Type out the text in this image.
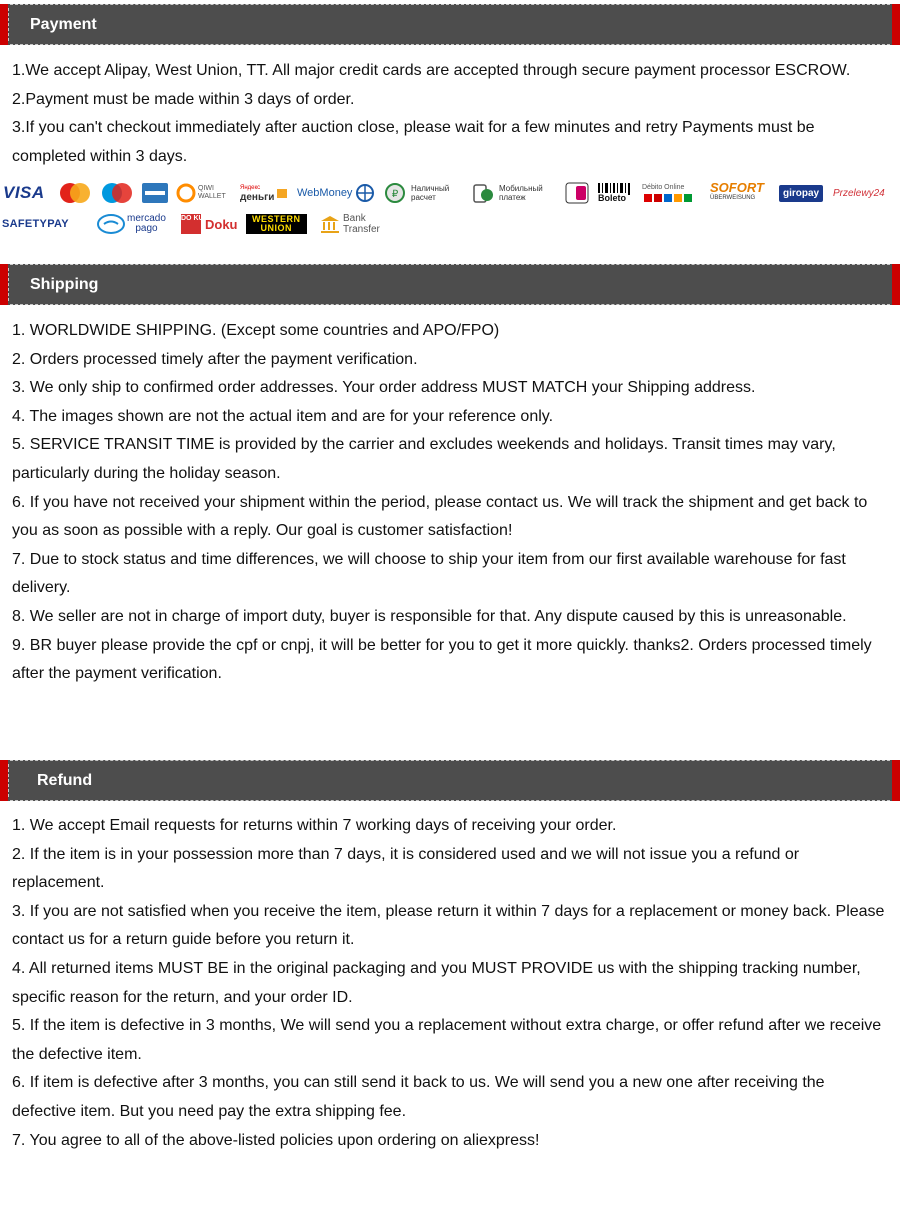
Payment

1.We accept Alipay, West Union, TT. All major credit cards are accepted through secure payment processor ESCROW.

2.Payment must be made within 3 days of order.

3.If you can't checkout immediately after auction close, please wait for a few minutes and retry Payments must be completed within 3 days.

VISA	QIWI
WALLET
Яндекс
деньги WebMoney	₽
Наличный
расчет
Мобильный
платеж	Boleto
Débito Online	SOFORT
ÜBERWEISUNG	giropay	Przelewy24
SAFETYPAY	mercado
pago
DO KU Doku WESTERN
UNION
Bank
Transfer
Shipping

1. WORLDWIDE SHIPPING. (Except some countries and APO/FPO)

2. Orders processed timely after the payment verification.

3. We only ship to confirmed order addresses. Your order address MUST MATCH your Shipping address.

4. The images shown are not the actual item and are for your reference only.

5. SERVICE TRANSIT TIME is provided by the carrier and excludes weekends and holidays. Transit times may vary, particularly during the holiday season.

6. If you have not received your shipment within the period, please contact us. We will track the shipment and get back to you as soon as possible with a reply. Our goal is customer satisfaction!

7. Due to stock status and time differences, we will choose to ship your item from our first available warehouse for fast delivery.

8. We seller are not in charge of import duty, buyer is responsible for that. Any dispute caused by this is unreasonable.

9. BR buyer please provide the cpf or cnpj, it will be better for you to get it more quickly. thanks2. Orders processed timely after the payment verification.

Refund

1. We accept Email requests for returns within 7 working days of receiving your order.

2. If the item is in your possession more than 7 days, it is considered used and we will not issue you a refund or replacement.

3. If you are not satisfied when you receive the item, please return it within 7 days for a replacement or money back. Please contact us for a return guide before you return it.

4. All returned items MUST BE in the original packaging and you MUST PROVIDE us with the shipping tracking number, specific reason for the return, and your order ID.

5. If the item is defective in 3 months, We will send you a replacement without extra charge, or offer refund after we receive the defective item.

6. If item is defective after 3 months, you can still send it back to us. We will send you a new one after receiving the defective item. But you need pay the extra shipping fee.

7. You agree to all of the above-listed policies upon ordering on aliexpress!
